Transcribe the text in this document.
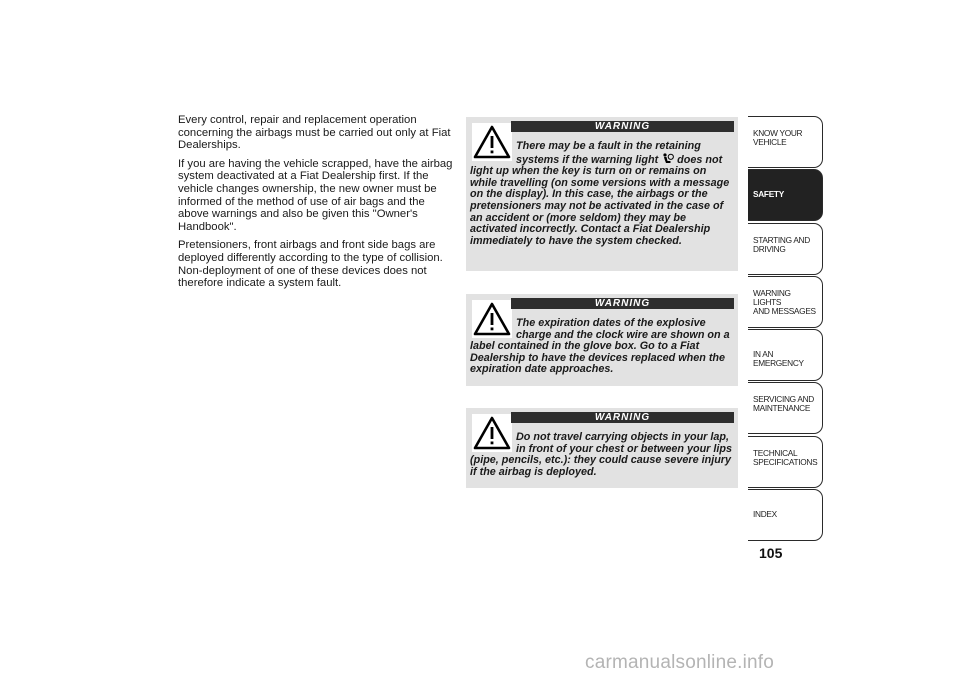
Every control, repair and replacement operation concerning the airbags must be carried out only at Fiat Dealerships.

If you are having the vehicle scrapped, have the airbag system deactivated at a Fiat Dealership first. If the vehicle changes ownership, the new owner must be informed of the method of use of air bags and the above warnings and also be given this "Owner's Handbook".

Pretensioners, front airbags and front side bags are deployed differently according to the type of collision. Non-deployment of one of these devices does not therefore indicate a system fault.

WARNING

There may be a fault in the retaining systems if the warning light  does not light up when the key is turn on or remains on while travelling (on some versions with a message on the display). In this case, the airbags or the pretensioners may not be activated in the case of an accident or (more seldom) they may be activated incorrectly. Contact a Fiat Dealership immediately to have the system checked.

WARNING

The expiration dates of the explosive charge and the clock wire are shown on a label contained in the glove box. Go to a Fiat Dealership to have the devices replaced when the expiration date approaches.

WARNING

Do not travel carrying objects in your lap, in front of your chest or between your lips (pipe, pencils, etc.): they could cause severe injury if the airbag is deployed.

KNOW YOUR
VEHICLE
SAFETY
STARTING AND
DRIVING
WARNING LIGHTS
AND MESSAGES
IN AN EMERGENCY
SERVICING AND
MAINTENANCE
TECHNICAL
SPECIFICATIONS
INDEX
105
carmanualsonline.info
